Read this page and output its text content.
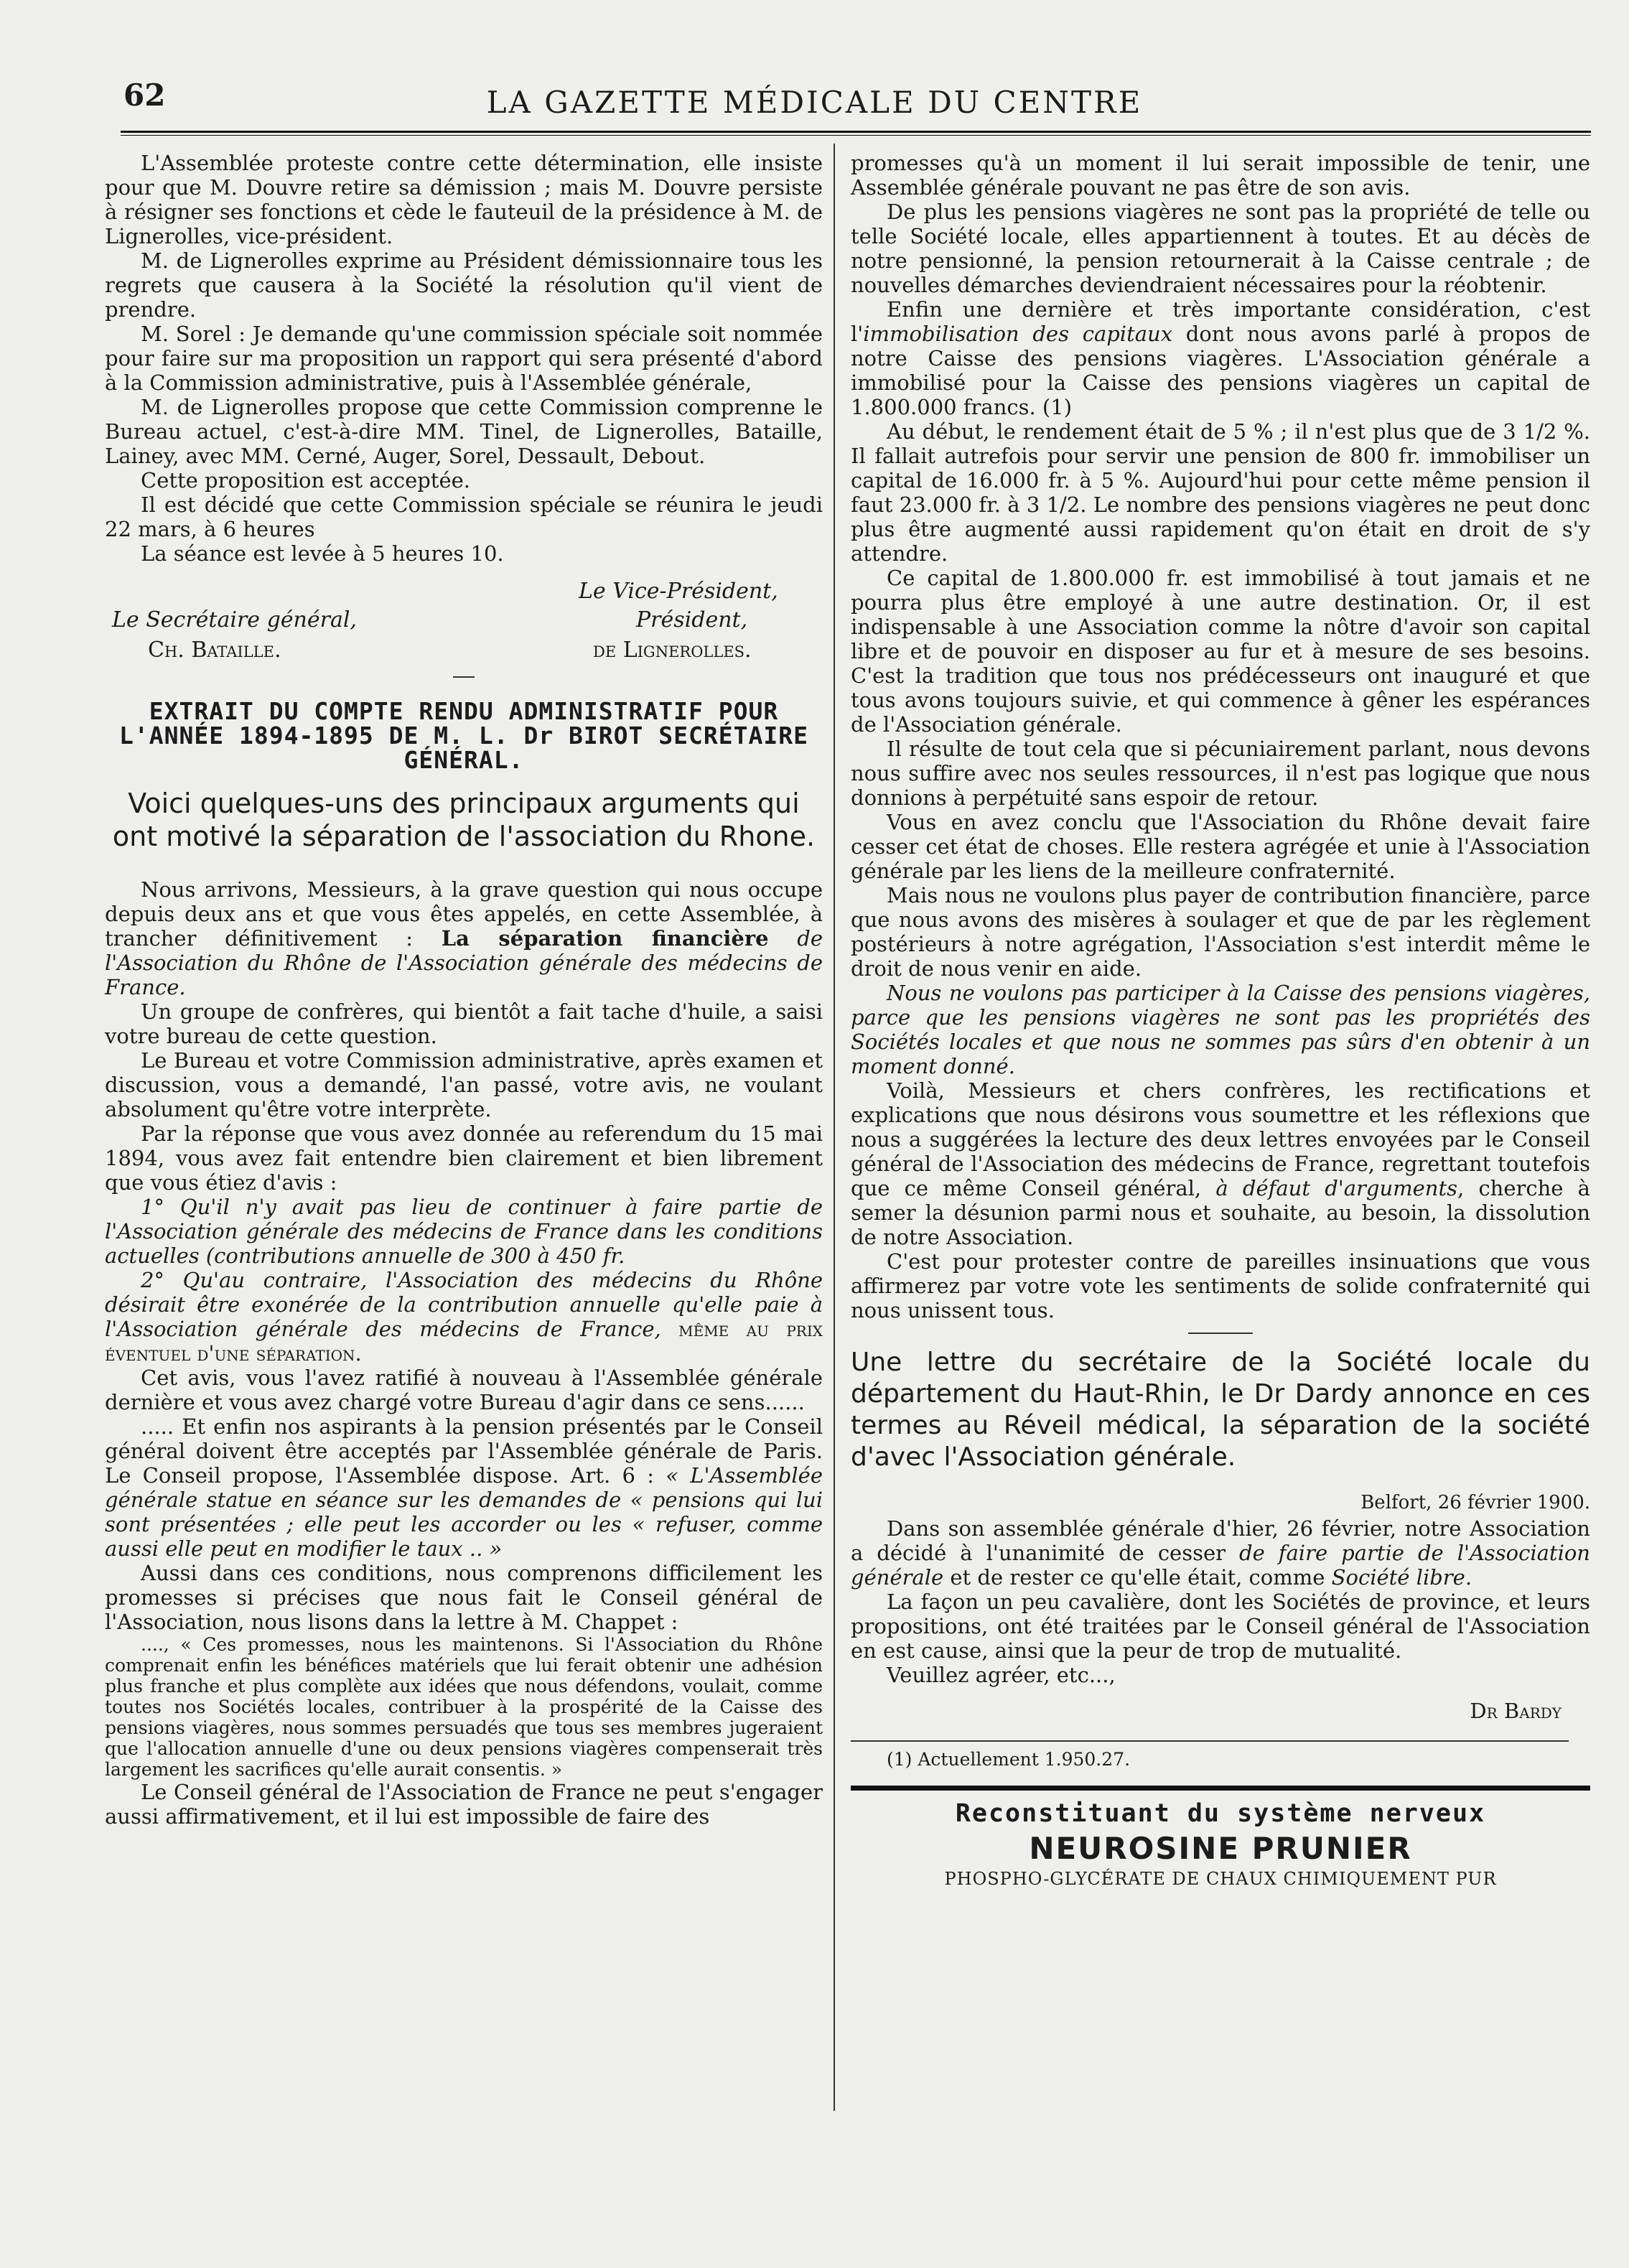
62	LA GAZETTE MÉDICALE DU CENTRE

L'Assemblée proteste contre cette détermination, elle insiste pour que M. Douvre retire sa démission ; mais M. Douvre persiste à résigner ses fonctions et cède le fauteuil de la présidence à M. de Lignerolles, vice-président.

M. de Lignerolles exprime au Président démissionnaire tous les regrets que causera à la Société la résolution qu'il vient de prendre.

M. Sorel : Je demande qu'une commission spéciale soit nommée pour faire sur ma proposition un rapport qui sera présenté d'abord à la Commission administrative, puis à l'Assemblée générale,

M. de Lignerolles propose que cette Commission comprenne le Bureau actuel, c'est-à-dire MM. Tinel, de Lignerolles, Bataille, Lainey, avec MM. Cerné, Auger, Sorel, Dessault, Debout.

Cette proposition est acceptée.

Il est décidé que cette Commission spéciale se réunira le jeudi 22 mars, à 6 heures

La séance est levée à 5 heures 10.

Le Vice-Président,
Le Secrétaire général,	Président,
Ch. Bataille.	de Lignerolles.
EXTRAIT DU COMPTE RENDU ADMINISTRATIF POUR L'ANNÉE 1894-1895 DE M. L. Dr BIROT SECRÉTAIRE GÉNÉRAL.
Voici quelques-uns des principaux arguments qui ont motivé la séparation de l'association du Rhone.

Nous arrivons, Messieurs, à la grave question qui nous occupe depuis deux ans et que vous êtes appelés, en cette Assemblée, à trancher définitivement : La séparation financière de l'Association du Rhône de l'Association générale des médecins de France.

Un groupe de confrères, qui bientôt a fait tache d'huile, a saisi votre bureau de cette question.

Le Bureau et votre Commission administrative, après examen et discussion, vous a demandé, l'an passé, votre avis, ne voulant absolument qu'être votre interprète.

Par la réponse que vous avez donnée au referendum du 15 mai 1894, vous avez fait entendre bien clairement et bien librement que vous étiez d'avis :

1° Qu'il n'y avait pas lieu de continuer à faire partie de l'Association générale des médecins de France dans les conditions actuelles (contributions annuelle de 300 à 450 fr.

2° Qu'au contraire, l'Association des médecins du Rhône désirait être exonérée de la contribution annuelle qu'elle paie à l'Association générale des médecins de France, même au prix éventuel d'une séparation.

Cet avis, vous l'avez ratifié à nouveau à l'Assemblée générale dernière et vous avez chargé votre Bureau d'agir dans ce sens......

..... Et enfin nos aspirants à la pension présentés par le Conseil général doivent être acceptés par l'Assemblée générale de Paris. Le Conseil propose, l'Assemblée dispose. Art. 6 : « L'Assemblée générale statue en séance sur les demandes de « pensions qui lui sont présentées ; elle peut les accorder ou les « refuser, comme aussi elle peut en modifier le taux .. »

Aussi dans ces conditions, nous comprenons difficilement les promesses si précises que nous fait le Conseil général de l'Association, nous lisons dans la lettre à M. Chappet :

...., « Ces promesses, nous les maintenons. Si l'Association du Rhône comprenait enfin les bénéfices matériels que lui ferait obtenir une adhésion plus franche et plus complète aux idées que nous défendons, voulait, comme toutes nos Sociétés locales, contribuer à la prospérité de la Caisse des pensions viagères, nous sommes persuadés que tous ses membres jugeraient que l'allocation annuelle d'une ou deux pensions viagères compenserait très largement les sacrifices qu'elle aurait consentis. »

Le Conseil général de l'Association de France ne peut s'engager aussi affirmativement, et il lui est impossible de faire des

promesses qu'à un moment il lui serait impossible de tenir, une Assemblée générale pouvant ne pas être de son avis.

De plus les pensions viagères ne sont pas la propriété de telle ou telle Société locale, elles appartiennent à toutes. Et au décès de notre pensionné, la pension retournerait à la Caisse centrale ; de nouvelles démarches deviendraient nécessaires pour la réobtenir.

Enfin une dernière et très importante considération, c'est l'immobilisation des capitaux dont nous avons parlé à propos de notre Caisse des pensions viagères. L'Association générale a immobilisé pour la Caisse des pensions viagères un capital de 1.800.000 francs. (1)

Au début, le rendement était de 5 % ; il n'est plus que de 3 1/2 %. Il fallait autrefois pour servir une pension de 800 fr. immobiliser un capital de 16.000 fr. à 5 %. Aujourd'hui pour cette même pension il faut 23.000 fr. à 3 1/2. Le nombre des pensions viagères ne peut donc plus être augmenté aussi rapidement qu'on était en droit de s'y attendre.

Ce capital de 1.800.000 fr. est immobilisé à tout jamais et ne pourra plus être employé à une autre destination. Or, il est indispensable à une Association comme la nôtre d'avoir son capital libre et de pouvoir en disposer au fur et à mesure de ses besoins. C'est la tradition que tous nos prédécesseurs ont inauguré et que tous avons toujours suivie, et qui commence à gêner les espérances de l'Association générale.

Il résulte de tout cela que si pécuniairement parlant, nous devons nous suffire avec nos seules ressources, il n'est pas logique que nous donnions à perpétuité sans espoir de retour.

Vous en avez conclu que l'Association du Rhône devait faire cesser cet état de choses. Elle restera agrégée et unie à l'Association générale par les liens de la meilleure confraternité.

Mais nous ne voulons plus payer de contribution financière, parce que nous avons des misères à soulager et que de par les règlement postérieurs à notre agrégation, l'Association s'est interdit même le droit de nous venir en aide.

Nous ne voulons pas participer à la Caisse des pensions viagères, parce que les pensions viagères ne sont pas les propriétés des Sociétés locales et que nous ne sommes pas sûrs d'en obtenir à un moment donné.

Voilà, Messieurs et chers confrères, les rectifications et explications que nous désirons vous soumettre et les réflexions que nous a suggérées la lecture des deux lettres envoyées par le Conseil général de l'Association des médecins de France, regrettant toutefois que ce même Conseil général, à défaut d'arguments, cherche à semer la désunion parmi nous et souhaite, au besoin, la dissolution de notre Association.

C'est pour protester contre de pareilles insinuations que vous affirmerez par votre vote les sentiments de solide confraternité qui nous unissent tous.

Une lettre du secrétaire de la Société locale du département du Haut-Rhin, le Dr Dardy annonce en ces termes au Réveil médical, la séparation de la société d'avec l'Association générale.
Belfort, 26 février 1900.

Dans son assemblée générale d'hier, 26 février, notre Association a décidé à l'unanimité de cesser de faire partie de l'Association générale et de rester ce qu'elle était, comme Société libre.

La façon un peu cavalière, dont les Sociétés de province, et leurs propositions, ont été traitées par le Conseil général de l'Association en est cause, ainsi que la peur de trop de mutualité.

Veuillez agréer, etc...,

Dr Bardy

(1) Actuellement 1.950.27.

Reconstituant du système nerveux
NEUROSINE PRUNIER
PHOSPHO-GLYCÉRATE DE CHAUX CHIMIQUEMENT PUR
